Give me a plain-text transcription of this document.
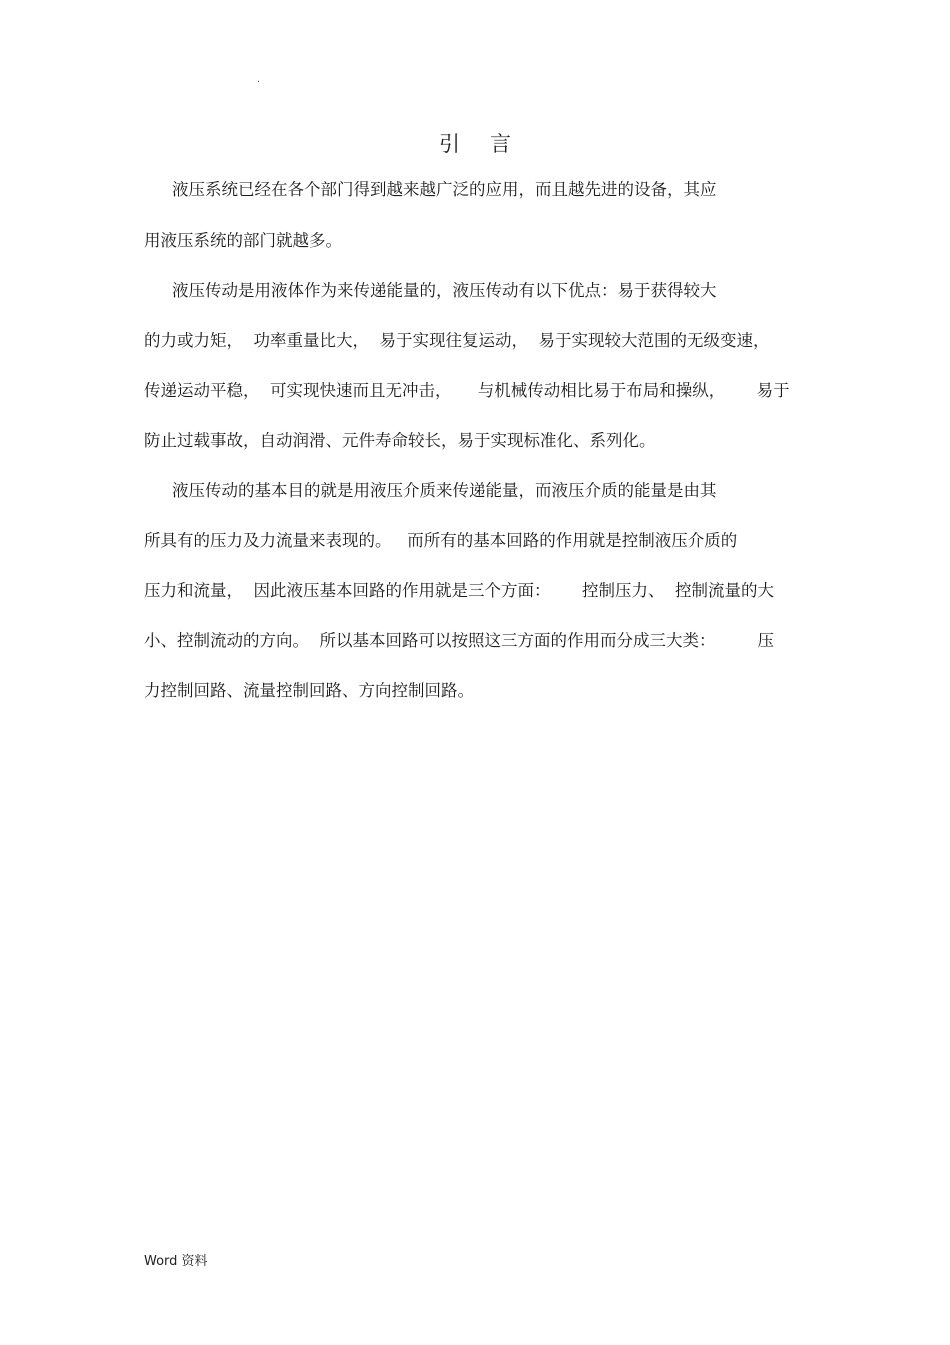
.
引言

液压系统已经在各个部门得到越来越广泛的应用，而且越先进的设备，其应

用液压系统的部门就越多。

液压传动是用液体作为来传递能量的，液压传动有以下优点：易于获得较大

的力或力矩，  功率重量比大，  易于实现往复运动，  易于实现较大范围的无级变速，

传递运动平稳，  可实现快速而且无冲击，     与机械传动相比易于布局和操纵，      易于

防止过载事故，自动润滑、元件寿命较长，易于实现标准化、系列化。

液压传动的基本目的就是用液压介质来传递能量，而液压介质的能量是由其

所具有的压力及力流量来表现的。   而所有的基本回路的作用就是控制液压介质的

压力和流量，  因此液压基本回路的作用就是三个方面：      控制压力、  控制流量的大

小、控制流动的方向。  所以基本回路可以按照这三方面的作用而分成三大类：        压

力控制回路、流量控制回路、方向控制回路。

Word 资料
